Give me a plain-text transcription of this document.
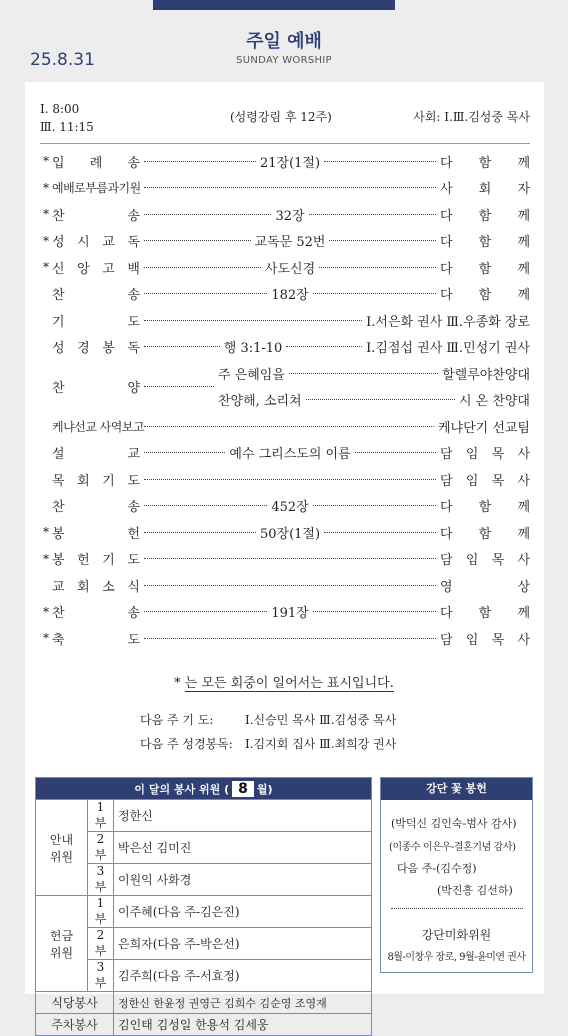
25.8.31
주일 예배
SUNDAY WORSHIP
Ⅰ. 8:00
Ⅲ. 11:15
(성령강림 후 12주)	사회: Ⅰ.Ⅲ.김성중 목사
* 입 례 송	21장(1절)	다 함 께
* 예배로부름과기원	사 회 자
* 찬	송	32장	다 함 께
* 성 시 교 독	교독문 52번	다 함 께
* 신 앙 고 백	사도신경	다 함 께
찬	송	182장	다 함 께
기	도	Ⅰ.서은화 권사 Ⅲ.우종화 장로
성 경 봉 독	행 3:1-10	Ⅰ.김점섭 권사 Ⅲ.민성기 권사
찬	양
주 은혜임을	할렐루야찬양대
찬양해, 소리쳐	시 온 찬양대
케냐선교 사역보고	케냐단기 선교팀
설	교	예수 그리스도의 이름	담 임 목 사
목 회 기 도	담 임 목 사
찬	송	452장	다 함 께
* 봉	헌	50장(1절)	다 함 께
* 봉 헌 기 도	담 임 목 사
교 회 소 식	영	상
* 찬	송	191장	다 함 께
* 축	도	담 임 목 사
* 는 모든 회중이 일어서는 표시입니다.
다음 주 기 도:	Ⅰ.신승민 목사 Ⅲ.김성중 목사
다음 주 성경봉독: Ⅰ.김지회 집사 Ⅲ.최희강 권사
이 달의 봉사 위원 ( 8 월)		
안내
위원	1부	정한신
	2부	박은선 김미진
	3부	이원익 사화경
헌금
위원	1부	이주혜(다음 주-김은진)
	2부	은희자(다음 주-박은선)
	3부	김주희(다음 주-서효정)
식당봉사		정한신 한윤정 권영근 김희수 김순영 조영재
주차봉사		김인태 김성일 한용석 김세웅
강단 꽃 봉헌
(박덕신 김인숙-범사 감사)
(이종수 이은우-결혼기념 감사)
다음 주-(김수정)
(박진흥 김선하)
강단미화위원
8월-이창우 장로, 9월-윤미연 권사
